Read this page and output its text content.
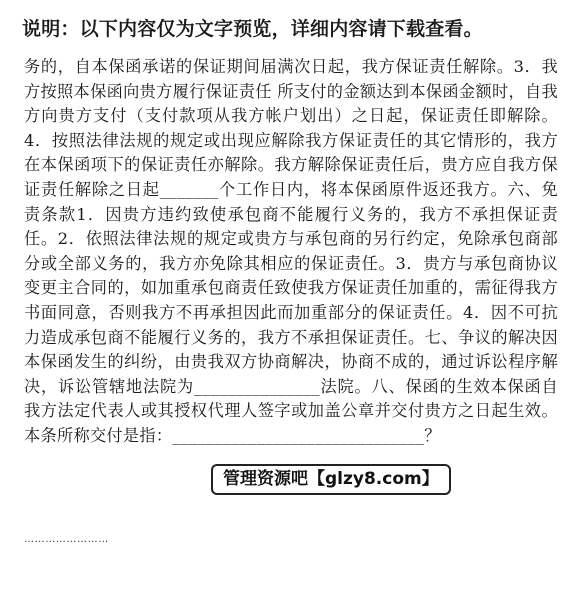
说明：以下内容仅为文字预览，详细内容请下载查看。
务的，自本保函承诺的保证期间届满次日起，我方保证责任解除。3．我方按照本保函向贵方履行保证责任 所支付的金额达到本保函金额时，自我方向贵方支付（支付款项从我方帐户划出）之日起，保证责任即解除。4．按照法律法规的规定或出现应解除我方保证责任的其它情形的，我方在本保函项下的保证责任亦解除。我方解除保证责任后，贵方应自我方保证责任解除之日起_______个工作日内，将本保函原件返还我方。六、免责条款1．因贵方违约致使承包商不能履行义务的，我方不承担保证责任。2．依照法律法规的规定或贵方与承包商的另行约定，免除承包商部分或全部义务的，我方亦免除其相应的保证责任。3．贵方与承包商协议变更主合同的，如加重承包商责任致使我方保证责任加重的，需征得我方书面同意，否则我方不再承担因此而加重部分的保证责任。4．因不可抗力造成承包商不能履行义务的，我方不承担保证责任。七、争议的解决因本保函发生的纠纷，由贵我双方协商解决，协商不成的，通过诉讼程序解决，诉讼管辖地法院为_______________法院。八、保函的生效本保函自我方法定代表人或其授权代理人签字或加盖公章并交付贵方之日起生效。本条所称交付是指：______________________________？
……………………
管理资源吧【glzy8.com】
